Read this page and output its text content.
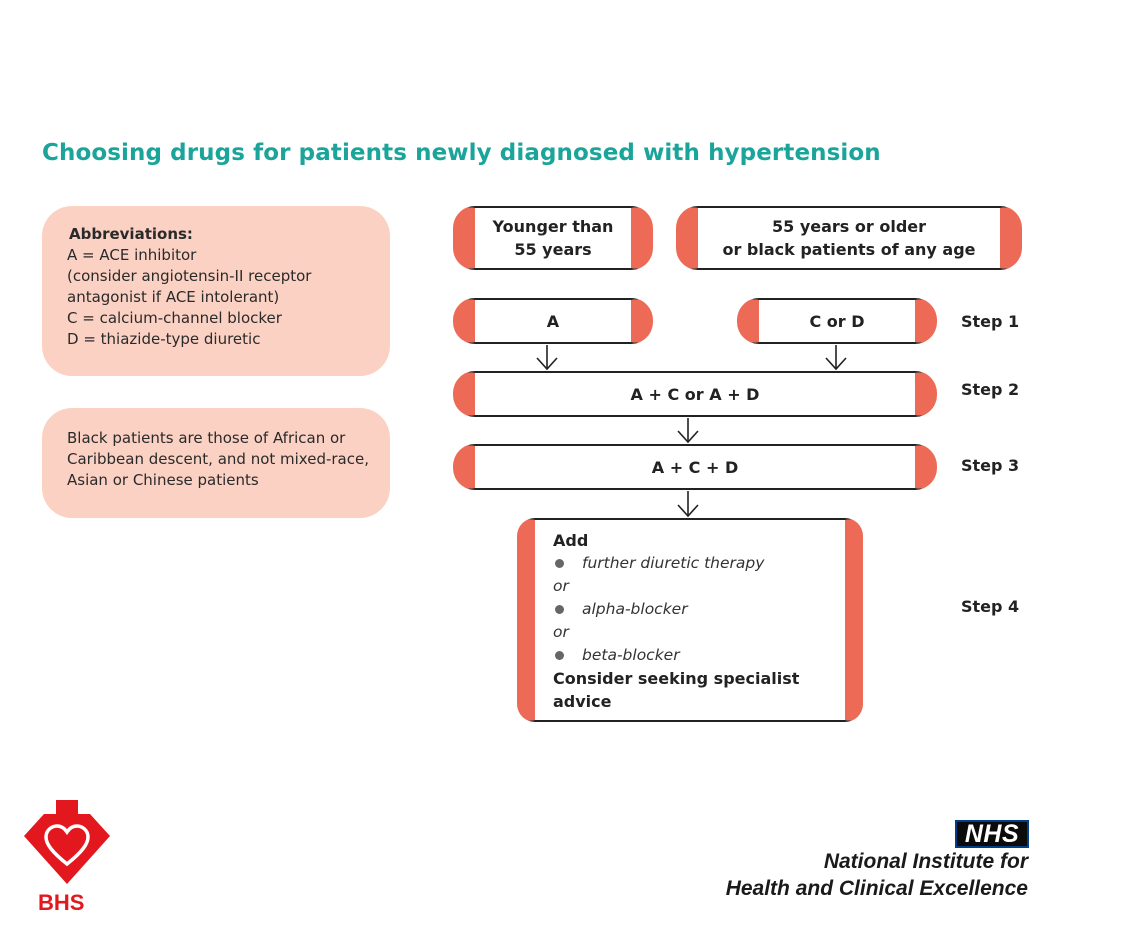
Choosing drugs for patients newly diagnosed with hypertension
Abbreviations:
A = ACE inhibitor
(consider angiotensin-II receptor
antagonist if ACE intolerant)
C = calcium-channel blocker
D = thiazide-type diuretic
Black patients are those of African or Caribbean descent, and not mixed-race, Asian or Chinese patients
Younger than
55 years
55 years or older
or black patients of any age
A	C or D
A + C or A + D
A + C + D
Add
further diuretic therapy
or
alpha-blocker
or
beta-blocker
Consider seeking specialist advice
Step 1
Step 2
Step 3
Step 4
BHS
NHS
National Institute for
Health and Clinical Excellence
